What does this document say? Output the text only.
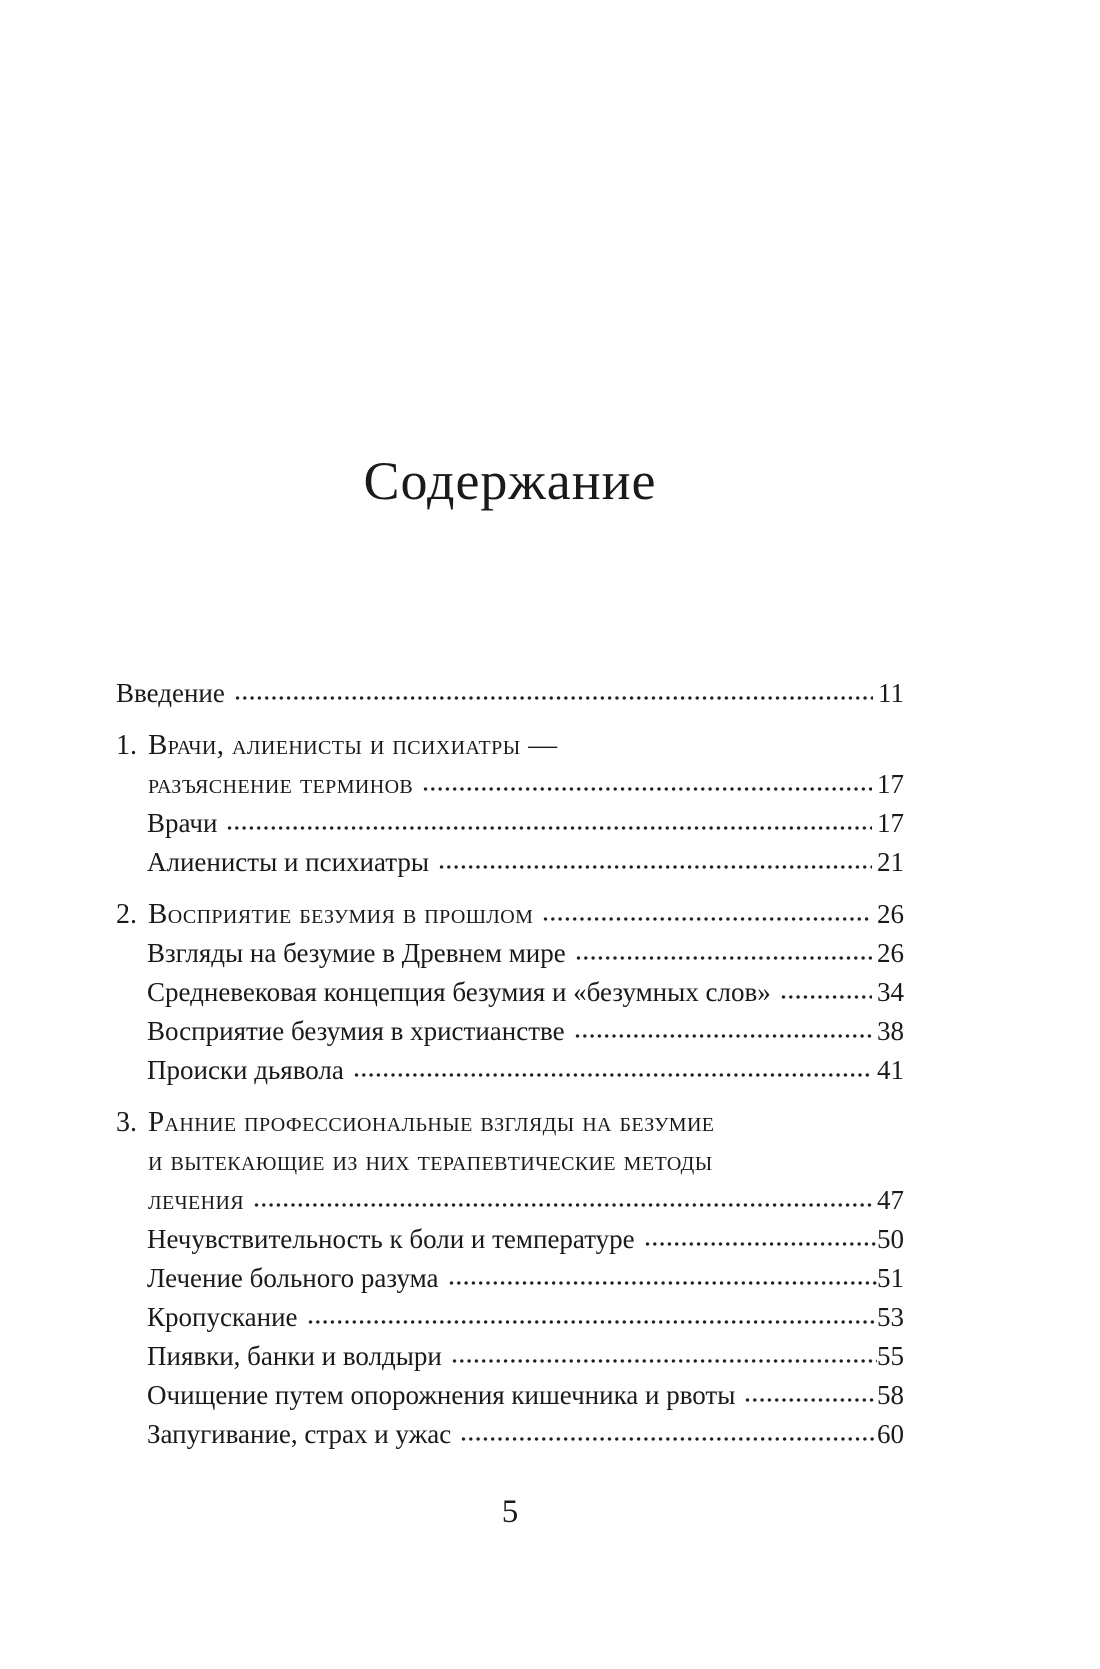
Содержание
Введение	11
1. Врачи, алиенисты и психиатры —
разъяснение терминов	17
Врачи	17
Алиенисты и психиатры	21
2. Восприятие безумия в прошлом	26
Взгляды на безумие в Древнем мире	26
Средневековая концепция безумия и «безумных слов»	34
Восприятие безумия в христианстве	38
Происки дьявола	41
3. Ранние профессиональные взгляды на безумие
и вытекающие из них терапевтические методы
лечения	47
Нечувствительность к боли и температуре	50
Лечение больного разума	51
Кропускание	53
Пиявки, банки и волдыри	55
Очищение путем опорожнения кишечника и рвоты	58
Запугивание, страх и ужас	60
5
